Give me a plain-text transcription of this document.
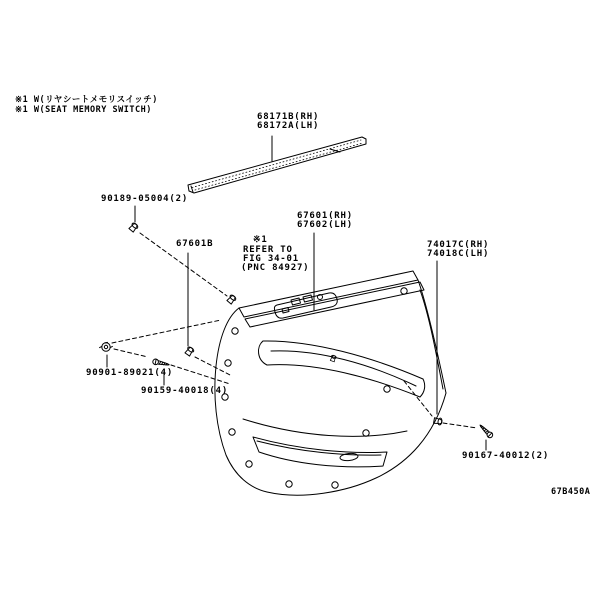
※1 W(リヤシートメモリスイッチ)
※1 W(SEAT MEMORY SWITCH)
68171B(RH)
68172A(LH)
90189-05004(2)
67601(RH)
67602(LH)
67601B	※1
REFER TO
FIG 34-01
(PNC 84927)
74017C(RH)
74018C(LH)
90901-89021(4)
90159-40018(4)
90167-40012(2)
67B450A
